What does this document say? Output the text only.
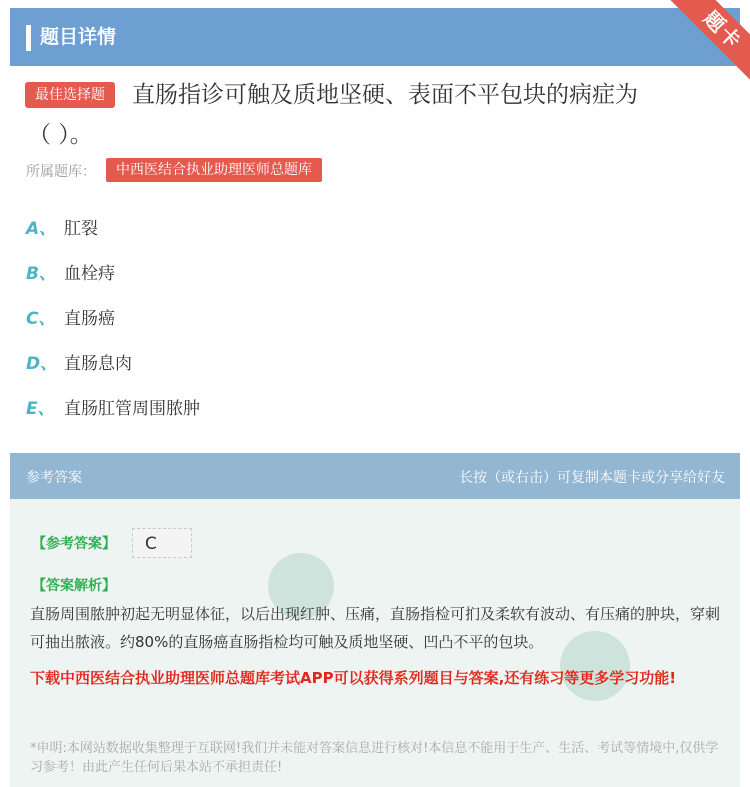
题目详情
最佳选择题	直肠指诊可触及质地坚硬、表面不平包块的病症为
（ ）。
所属题库：	中西医结合执业助理医师总题库
A、 肛裂
B、 血栓痔
C、 直肠癌
D、 直肠息肉
E、 直肠肛管周围脓肿
参考答案	长按（或右击）可复制本题卡或分享给好友
【参考答案】	C
【答案解析】
直肠周围脓肿初起无明显体征，以后出现红肿、压痛，直肠指检可扪及柔软有波动、有压痛的肿块，穿刺可抽出脓液。约80%的直肠癌直肠指检均可触及质地坚硬、凹凸不平的包块。
下载中西医结合执业助理医师总题库考试APP可以获得系列题目与答案,还有练习等更多学习功能!
*申明:本网站数据收集整理于互联网!我们并未能对答案信息进行核对!本信息不能用于生产、生活、考试等情境中,仅供学习参考！由此产生任何后果本站不承担责任!
题卡
